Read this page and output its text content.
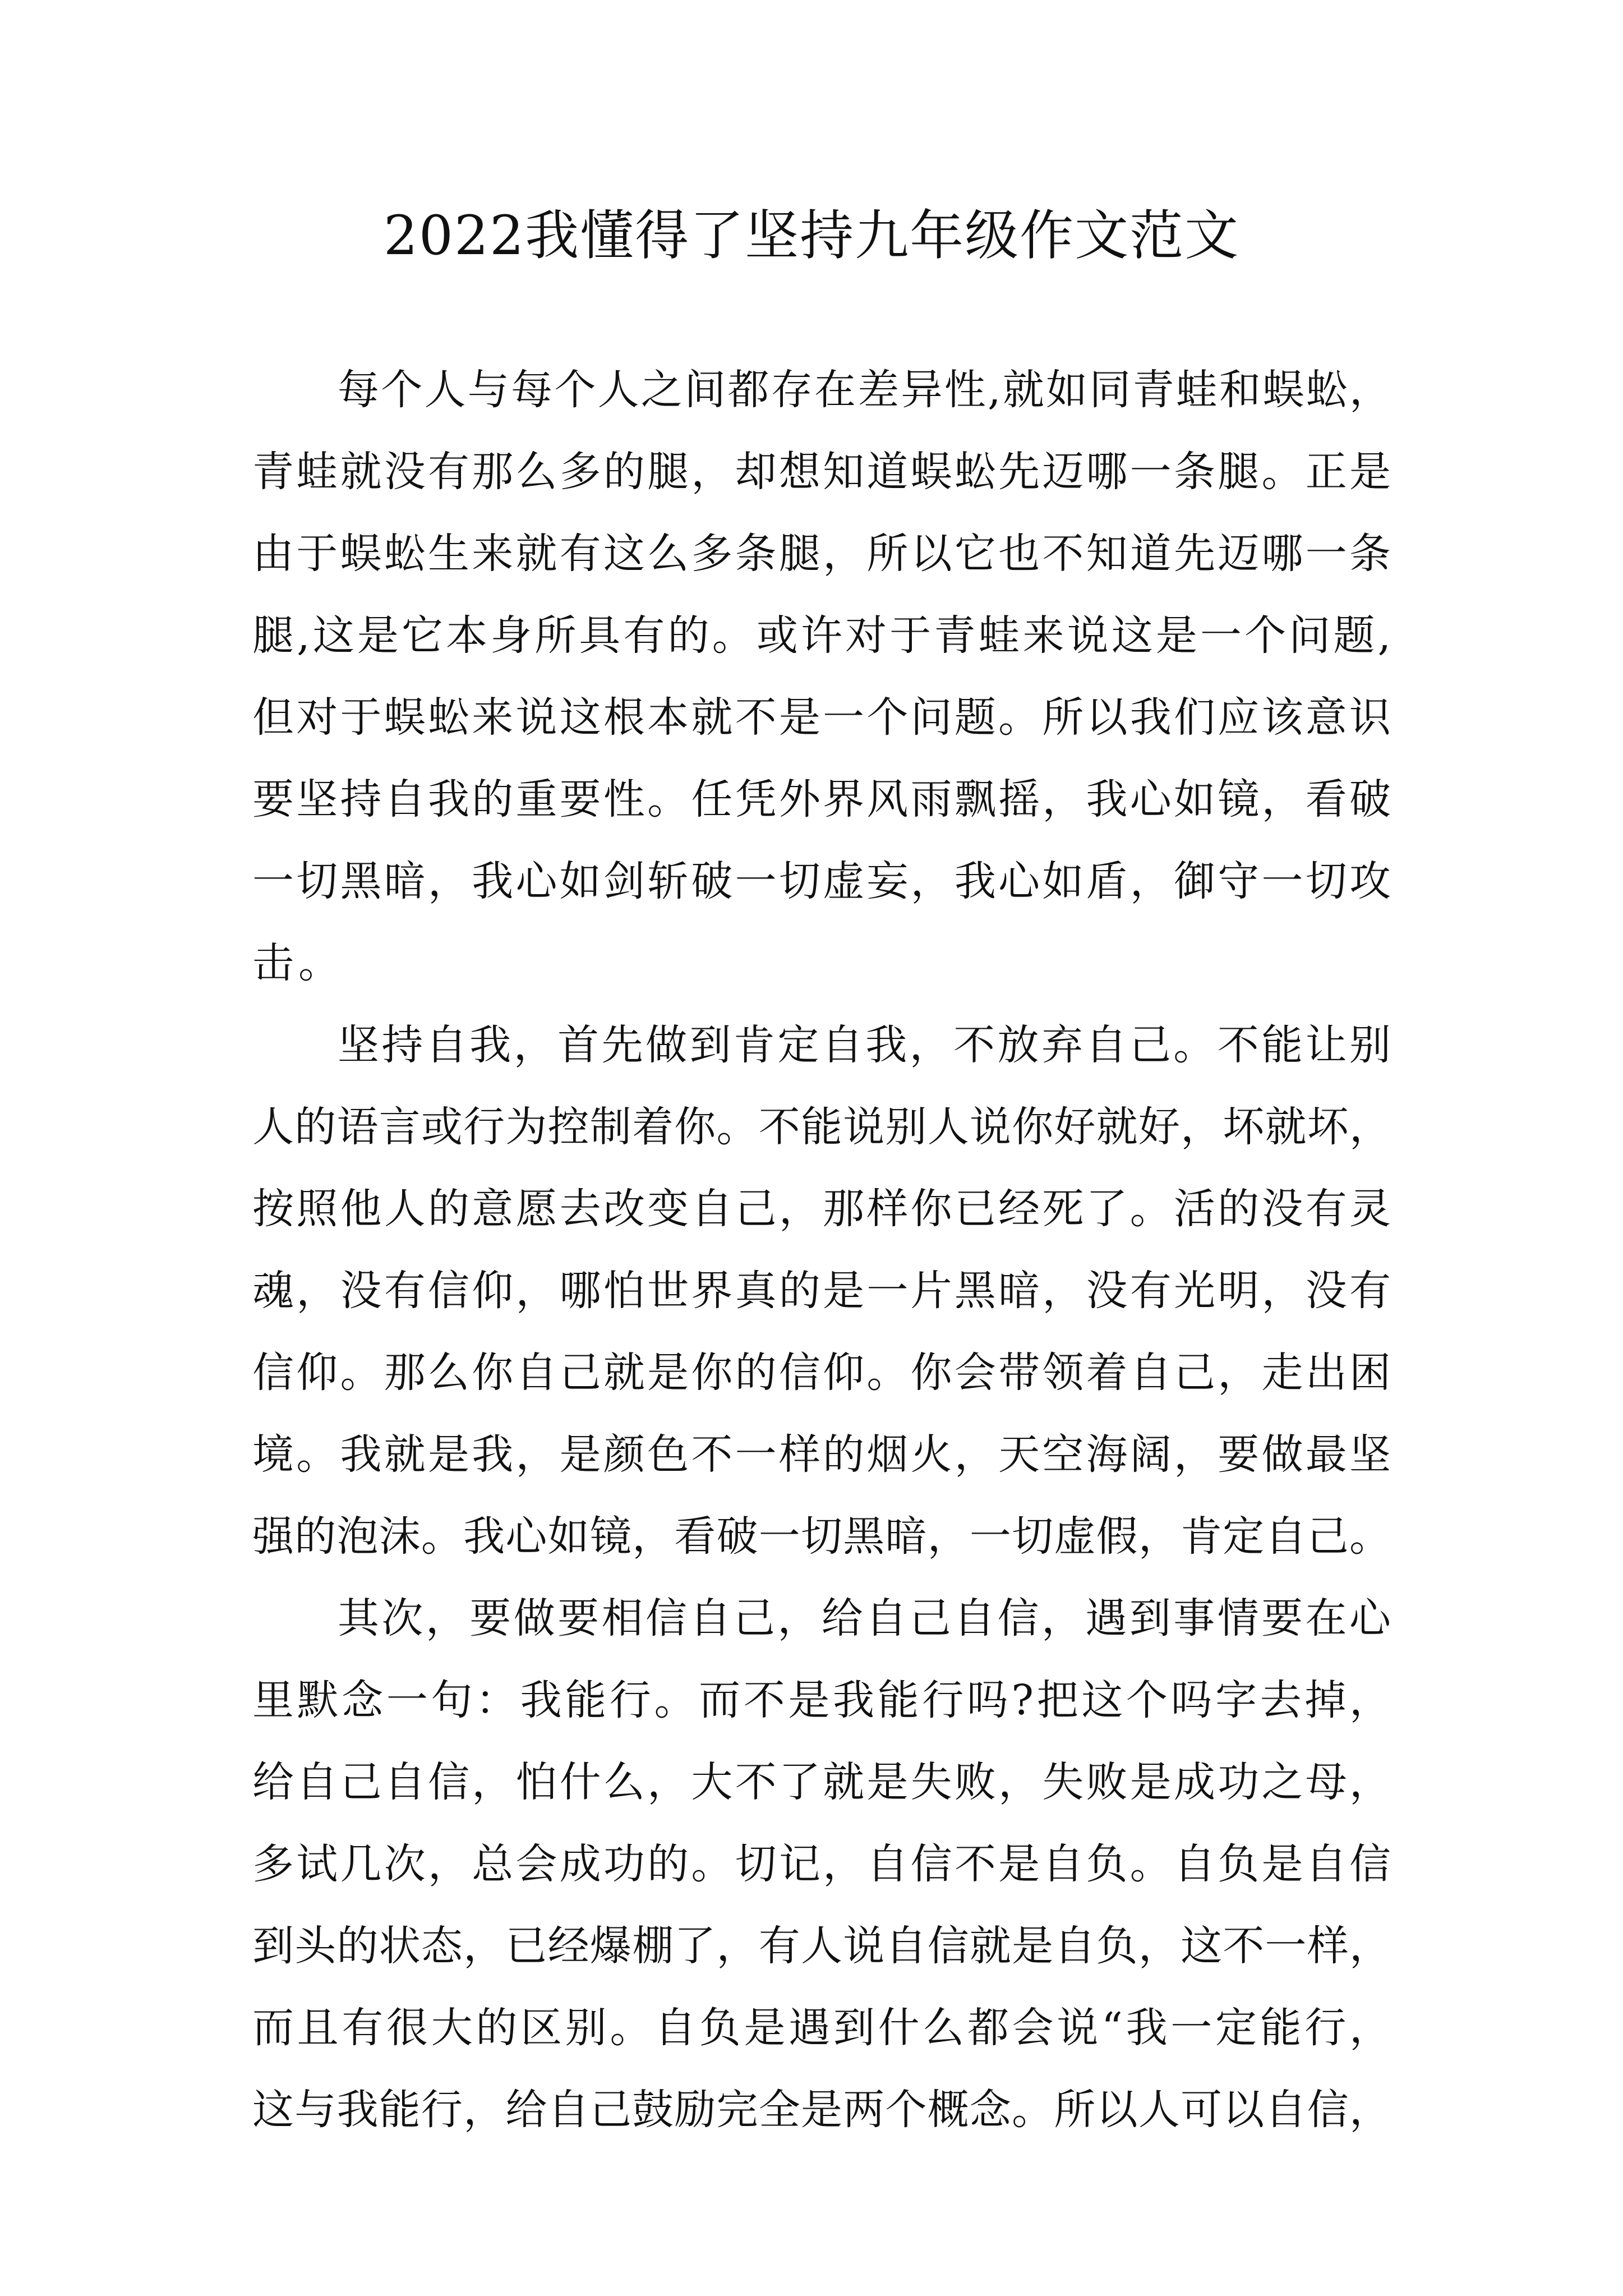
2022我懂得了坚持九年级作文范文
每个人与每个人之间都存在差异性,就如同青蛙和蜈蚣，
青蛙就没有那么多的腿，却想知道蜈蚣先迈哪一条腿。正是
由于蜈蚣生来就有这么多条腿，所以它也不知道先迈哪一条
腿,这是它本身所具有的。或许对于青蛙来说这是一个问题,
但对于蜈蚣来说这根本就不是一个问题。所以我们应该意识
要坚持自我的重要性。任凭外界风雨飘摇，我心如镜，看破
一切黑暗，我心如剑斩破一切虚妄，我心如盾，御守一切攻
击。
坚持自我，首先做到肯定自我，不放弃自己。不能让别
人的语言或行为控制着你。不能说别人说你好就好，坏就坏，
按照他人的意愿去改变自己，那样你已经死了。活的没有灵
魂，没有信仰，哪怕世界真的是一片黑暗，没有光明，没有
信仰。那么你自己就是你的信仰。你会带领着自己，走出困
境。我就是我，是颜色不一样的烟火，天空海阔，要做最坚
强的泡沫。我心如镜，看破一切黑暗，一切虚假，肯定自己。
其次，要做要相信自己，给自己自信，遇到事情要在心
里默念一句：我能行。而不是我能行吗?把这个吗字去掉，
给自己自信，怕什么，大不了就是失败，失败是成功之母，
多试几次，总会成功的。切记，自信不是自负。自负是自信
到头的状态，已经爆棚了，有人说自信就是自负，这不一样，
而且有很大的区别。自负是遇到什么都会说“我一定能行，
这与我能行，给自己鼓励完全是两个概念。所以人可以自信，
